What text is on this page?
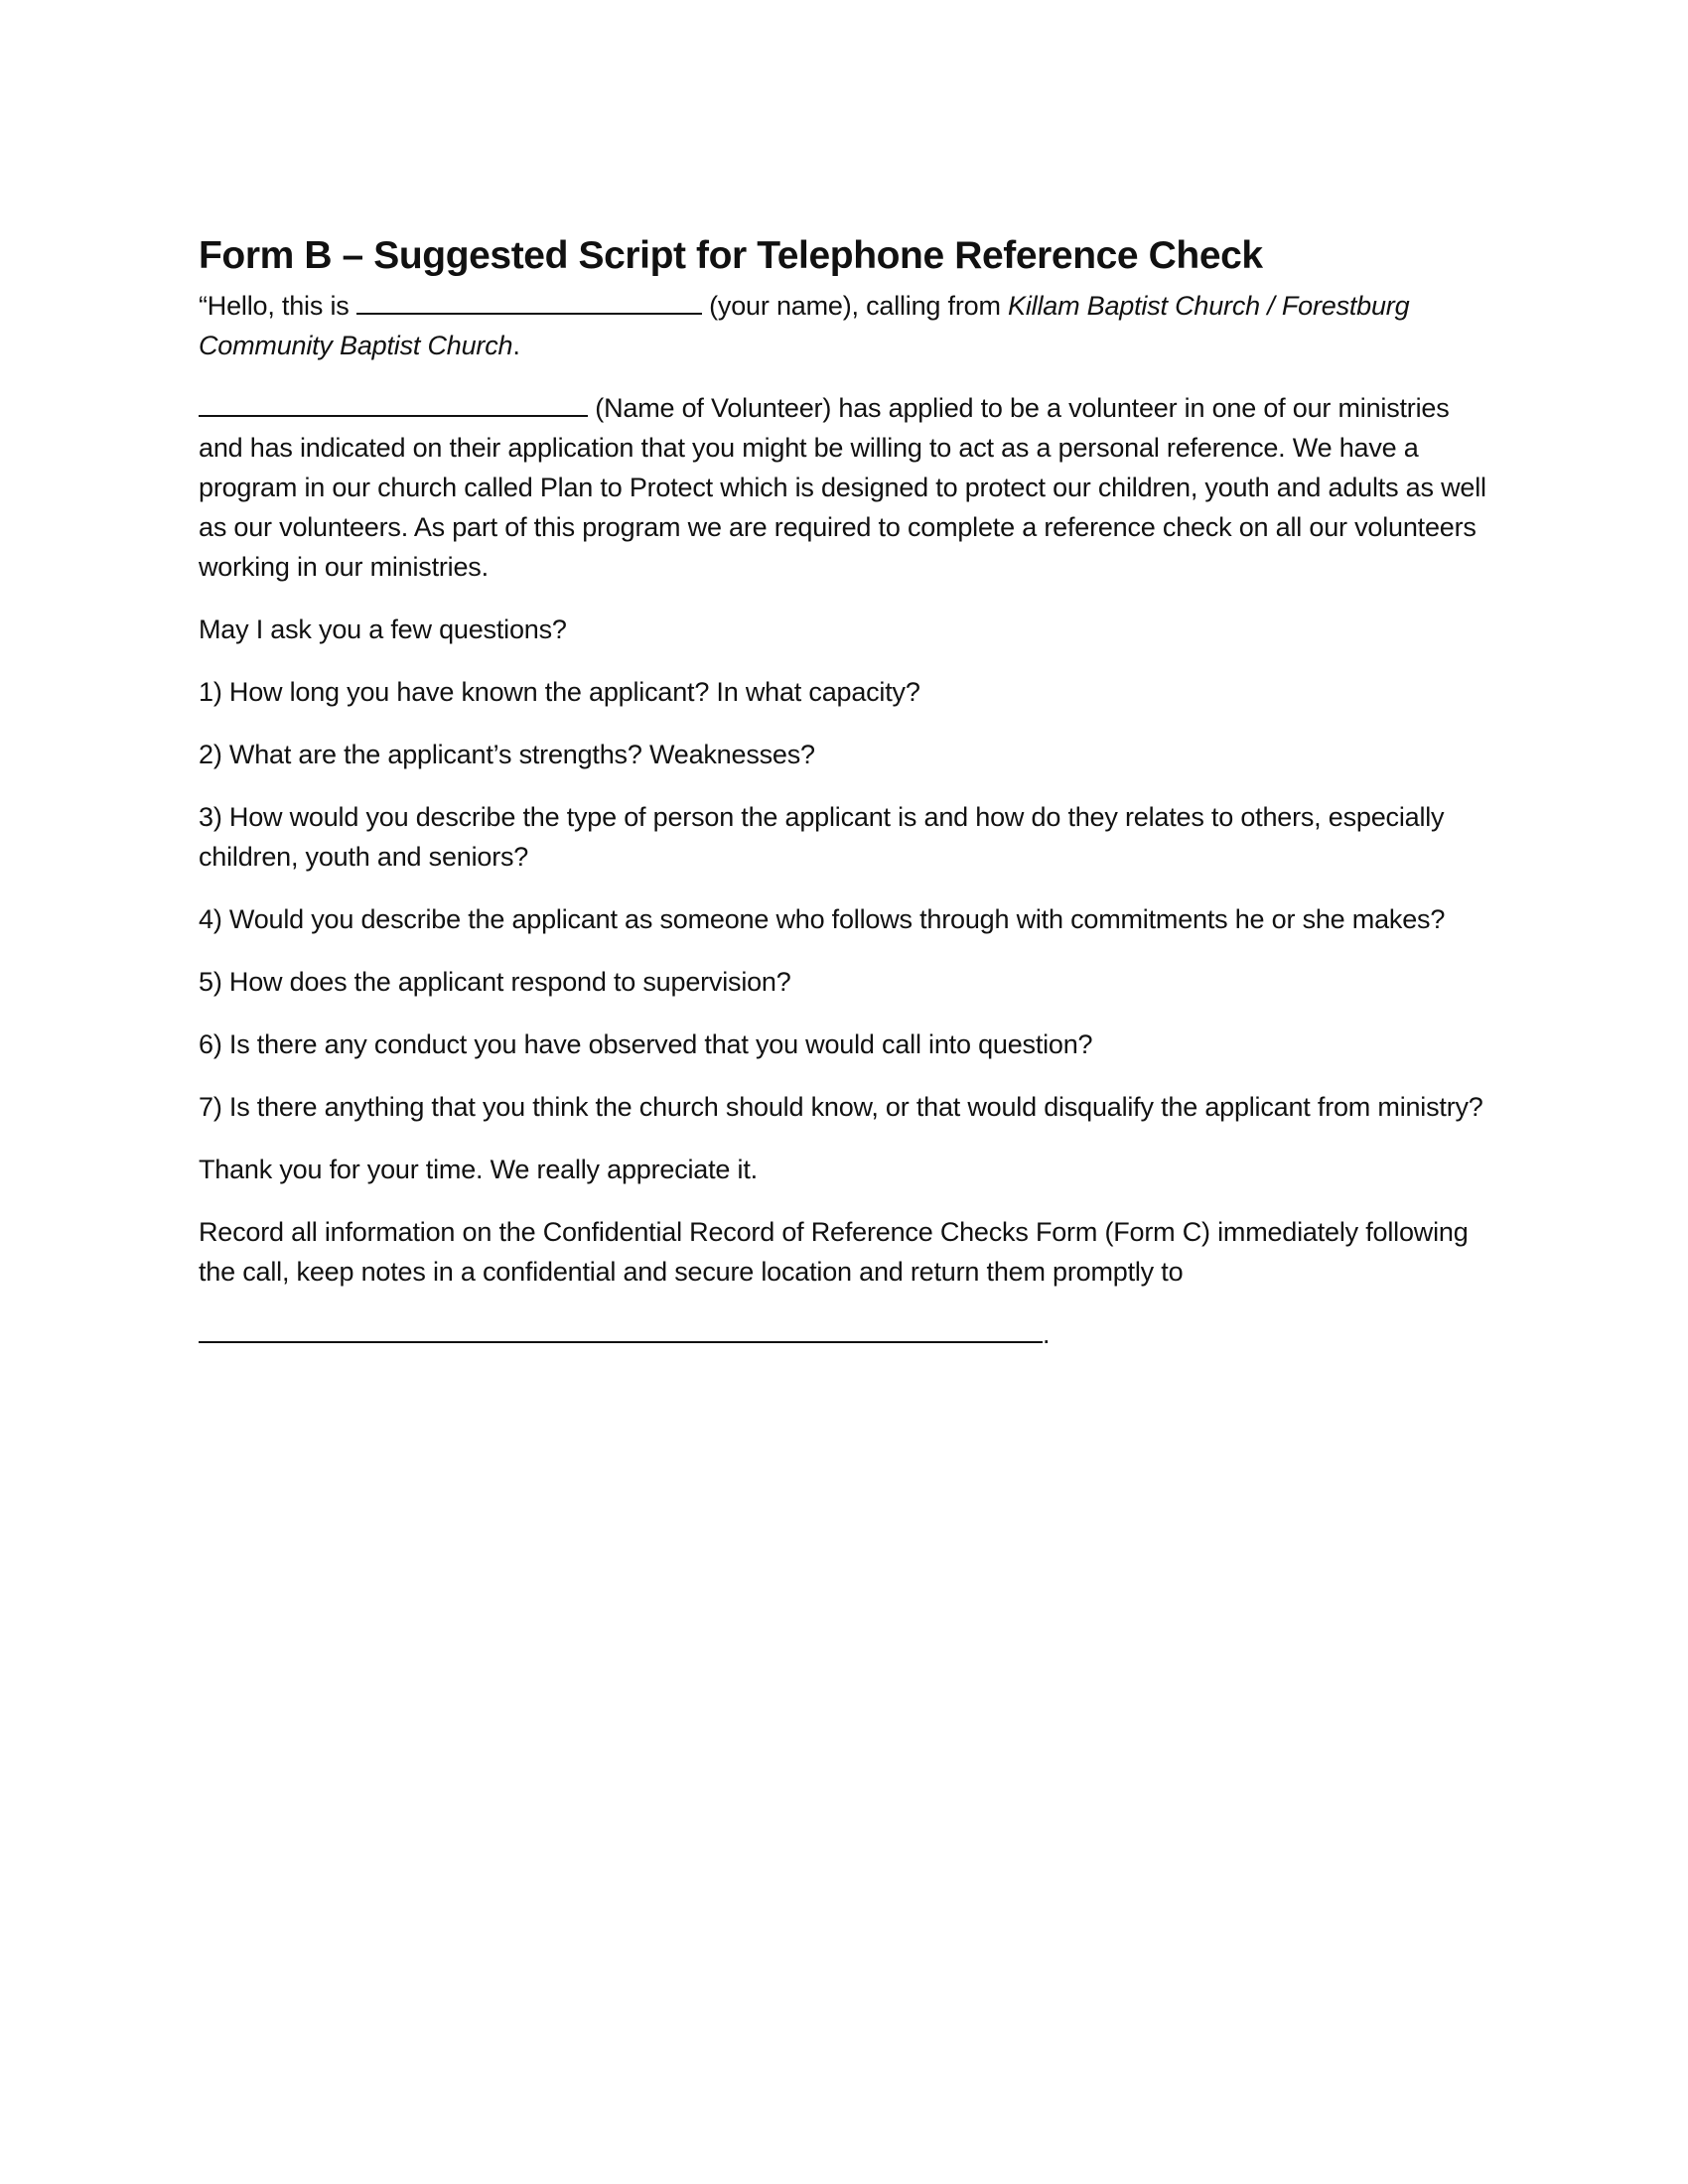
Form B – Suggested Script for Telephone Reference Check
“Hello, this is	(your name), calling from Killam Baptist Church / Forestburg Community Baptist Church.
(Name of Volunteer) has applied to be a volunteer in one of our ministries and has indicated on their application that you might be willing to act as a personal reference. We have a program in our church called Plan to Protect which is designed to protect our children, youth and adults as well as our volunteers. As part of this program we are required to complete a reference check on all our volunteers working in our ministries.
May I ask you a few questions?
1) How long you have known the applicant? In what capacity?
2) What are the applicant’s strengths? Weaknesses?
3) How would you describe the type of person the applicant is and how do they relates to others, especially children, youth and seniors?
4) Would you describe the applicant as someone who follows through with commitments he or she makes?
5) How does the applicant respond to supervision?
6) Is there any conduct you have observed that you would call into question?
7) Is there anything that you think the church should know, or that would disqualify the applicant from ministry?
Thank you for your time. We really appreciate it.
Record all information on the Confidential Record of Reference Checks Form (Form C) immediately following the call, keep notes in a confidential and secure location and return them promptly to
.
